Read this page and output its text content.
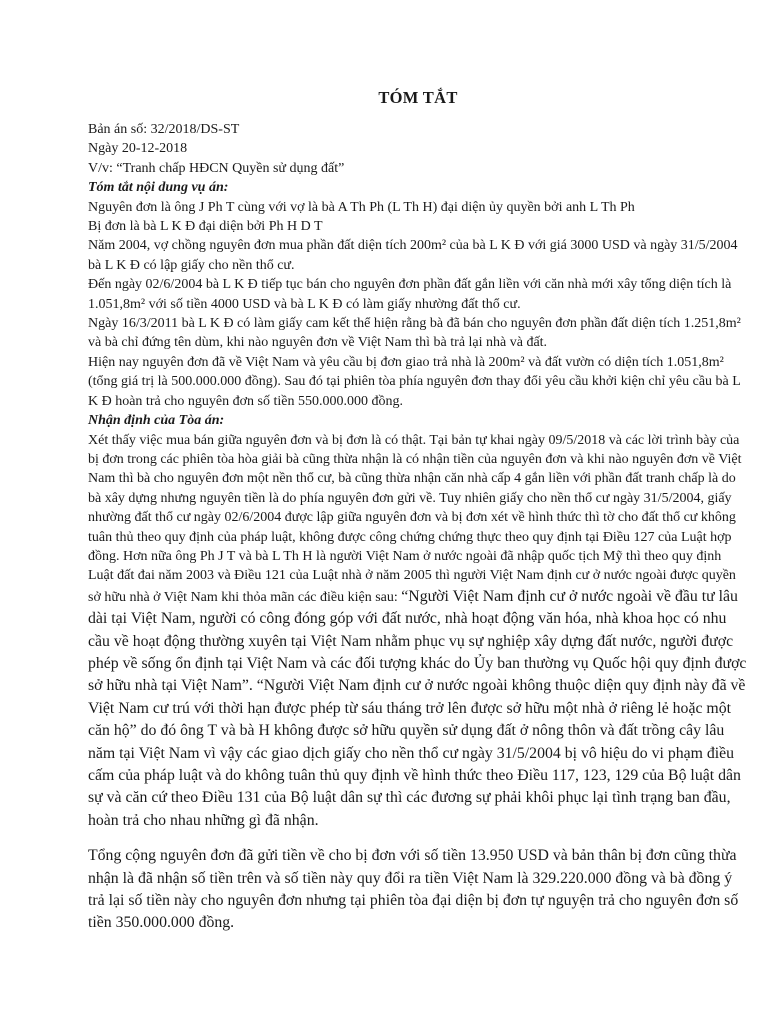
TÓM TẮT

Bản án số: 32/2018/DS-ST

Ngày 20-12-2018

V/v: “Tranh chấp HĐCN Quyền sử dụng đất”

Tóm tắt nội dung vụ án:

Nguyên đơn là ông J Ph T cùng với vợ là bà A Th Ph (L Th H) đại diện ủy quyền bởi anh L Th Ph

Bị đơn là bà L K Đ đại diện bởi Ph H D T

Năm 2004, vợ chồng nguyên đơn mua phần đất diện tích 200m² của bà L K Đ với giá 3000 USD và ngày 31/5/2004 bà L K Đ có lập giấy cho nền thổ cư.

Đến ngày 02/6/2004 bà L K Đ tiếp tục bán cho nguyên đơn phần đất gắn liền với căn nhà mới xây tổng diện tích là 1.051,8m² với số tiền 4000 USD và bà L K Đ có làm giấy nhường đất thổ cư.

Ngày 16/3/2011 bà L K Đ có làm giấy cam kết thể hiện rằng bà đã bán cho nguyên đơn phần đất diện tích 1.251,8m² và bà chỉ đứng tên dùm, khi nào nguyên đơn về Việt Nam thì bà trả lại nhà và đất.

Hiện nay nguyên đơn đã về Việt Nam và yêu cầu bị đơn giao trả nhà là 200m² và đất vườn có diện tích 1.051,8m² (tổng giá trị là 500.000.000 đồng). Sau đó tại phiên tòa phía nguyên đơn thay đổi yêu cầu khởi kiện chỉ yêu cầu bà L K Đ hoàn trả cho nguyên đơn số tiền 550.000.000 đồng.

Nhận định của Tòa án:

Xét thấy việc mua bán giữa nguyên đơn và bị đơn là có thật. Tại bản tự khai ngày 09/5/2018 và các lời trình bày của bị đơn trong các phiên tòa hòa giải bà cũng thừa nhận là có nhận tiền của nguyên đơn và khi nào nguyên đơn về Việt Nam thì bà cho nguyên đơn một nền thổ cư, bà cũng thừa nhận căn nhà cấp 4 gắn liền với phần đất tranh chấp là do bà xây dựng nhưng nguyên tiền là do phía nguyên đơn gửi về. Tuy nhiên giấy cho nền thổ cư ngày 31/5/2004, giấy nhường đất thổ cư ngày 02/6/2004 được lập giữa nguyên đơn và bị đơn xét về hình thức thì tờ cho đất thổ cư không tuân thủ theo quy định của pháp luật, không được công chứng chứng thực theo quy định tại Điều 127 của Luật hợp đồng. Hơn nữa ông Ph J T và bà L Th H là người Việt Nam ở nước ngoài đã nhập quốc tịch Mỹ thì theo quy định Luật đất đai năm 2003 và Điều 121 của Luật nhà ở năm 2005 thì người Việt Nam định cư ở nước ngoài được quyền sở hữu nhà ở Việt Nam khi thỏa mãn các điều kiện sau: “Người Việt Nam định cư ở nước ngoài về đầu tư lâu dài tại Việt Nam, người có công đóng góp với đất nước, nhà hoạt động văn hóa, nhà khoa học có nhu cầu về hoạt động thường xuyên tại Việt Nam nhằm phục vụ sự nghiệp xây dựng đất nước, người được phép về sống ổn định tại Việt Nam và các đối tượng khác do Ủy ban thường vụ Quốc hội quy định được sở hữu nhà tại Việt Nam”. “Người Việt Nam định cư ở nước ngoài không thuộc diện quy định này đã về Việt Nam cư trú với thời hạn được phép từ sáu tháng trở lên được sở hữu một nhà ở riêng lẻ hoặc một căn hộ” do đó ông T và bà H không được sở hữu quyền sử dụng đất ở nông thôn và đất trồng cây lâu năm tại Việt Nam vì vậy các giao dịch giấy cho nền thổ cư ngày 31/5/2004 bị vô hiệu do vi phạm điều cấm của pháp luật và do không tuân thủ quy định về hình thức theo Điều 117, 123, 129 của Bộ luật dân sự và căn cứ theo Điều 131 của Bộ luật dân sự thì các đương sự phải khôi phục lại tình trạng ban đầu, hoàn trả cho nhau những gì đã nhận.

Tổng cộng nguyên đơn đã gửi tiền về cho bị đơn với số tiền 13.950 USD và bản thân bị đơn cũng thừa nhận là đã nhận số tiền trên và số tiền này quy đổi ra tiền Việt Nam là 329.220.000 đồng và bà đồng ý trả lại số tiền này cho nguyên đơn nhưng tại phiên tòa đại diện bị đơn tự nguyện trả cho nguyên đơn số tiền 350.000.000 đồng.
